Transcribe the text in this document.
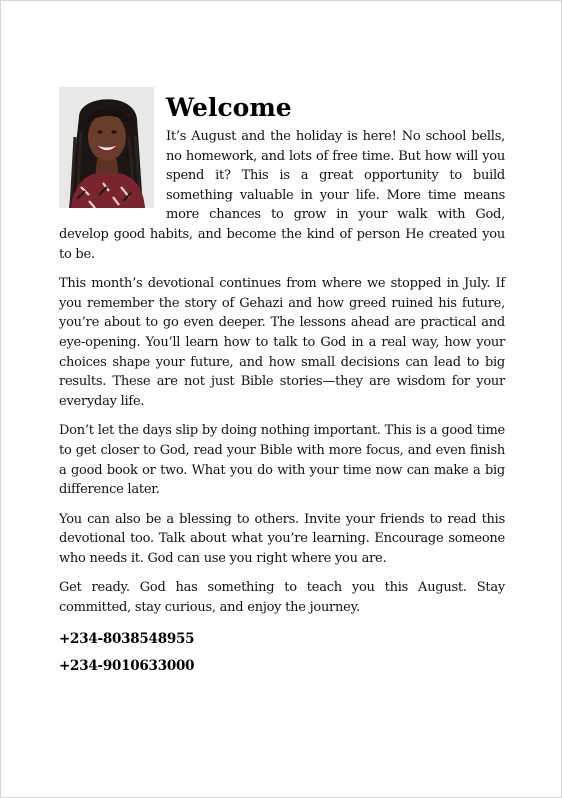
Welcome

It’s August and the holiday is here! No school bells, no homework, and lots of free time. But how will you spend it? This is a great opportunity to build something valuable in your life. More time means more chances to grow in your walk with God, develop good habits, and become the kind of person He created you to be.

This month’s devotional continues from where we stopped in July. If you remember the story of Gehazi and how greed ruined his future, you’re about to go even deeper. The lessons ahead are practical and eye-opening. You’ll learn how to talk to God in a real way, how your choices shape your future, and how small decisions can lead to big results. These are not just Bible stories—they are wisdom for your everyday life.

Don’t let the days slip by doing nothing important. This is a good time to get closer to God, read your Bible with more focus, and even finish a good book or two. What you do with your time now can make a big difference later.

You can also be a blessing to others. Invite your friends to read this devotional too. Talk about what you’re learning. Encourage someone who needs it. God can use you right where you are.

Get ready. God has something to teach you this August. Stay committed, stay curious, and enjoy the journey.

+234-8038548955
+234-9010633000
